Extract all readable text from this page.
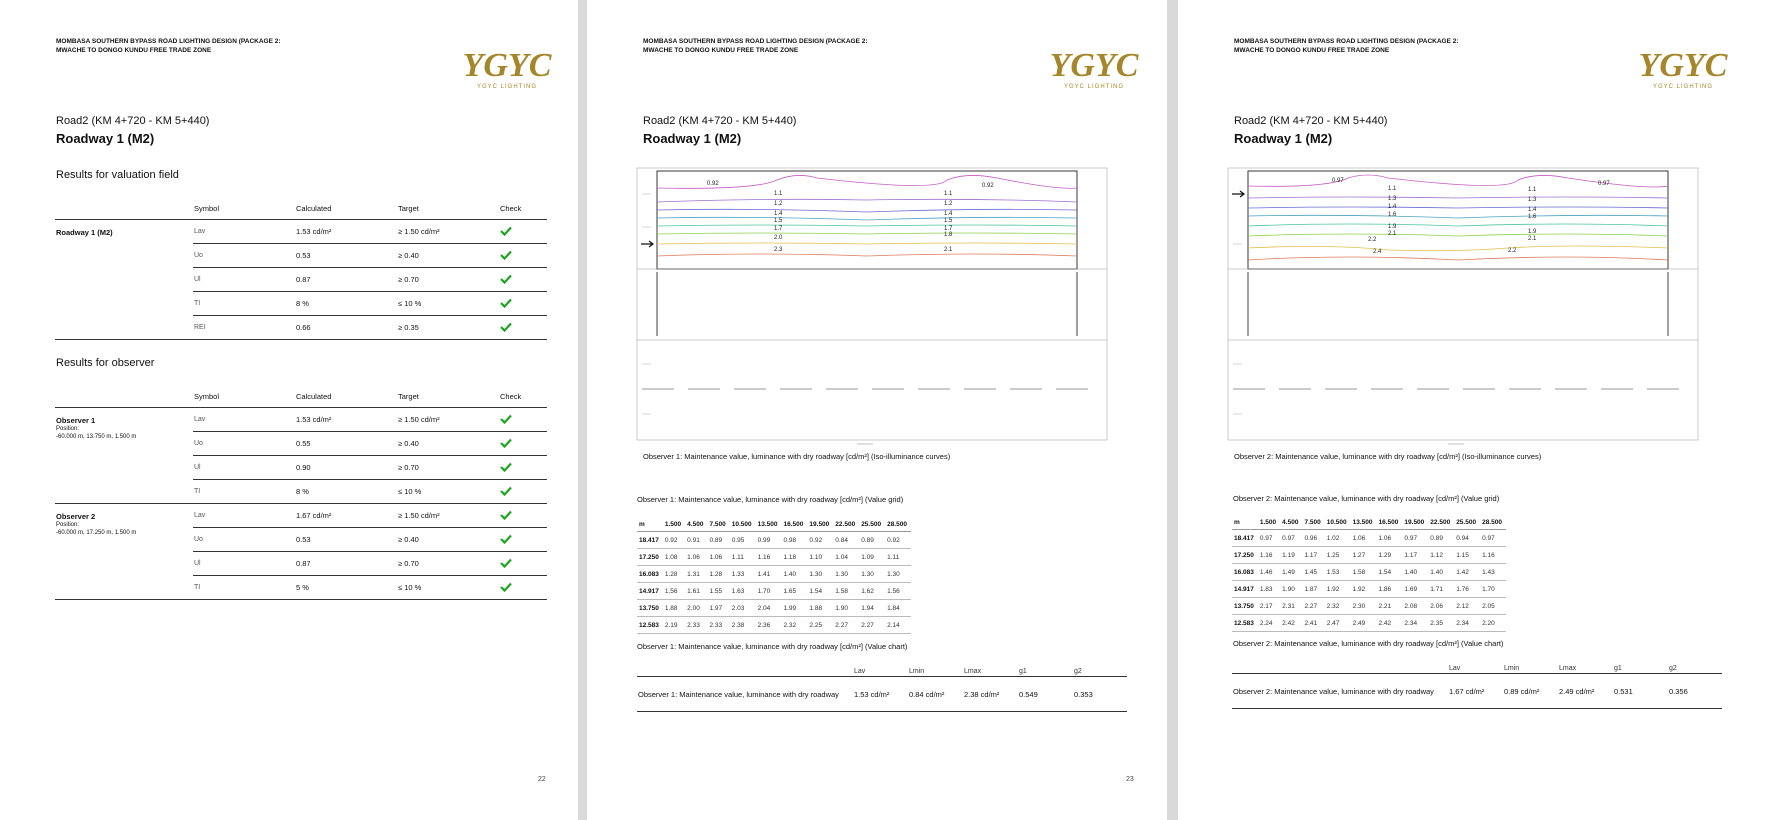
MOMBASA SOUTHERN BYPASS ROAD LIGHTING DESIGN (PACKAGE 2:
MWACHE TO DONGO KUNDU FREE TRADE ZONE	YGYC
YGYC LIGHTING
Road2 (KM 4+720 - KM 5+440)
Roadway 1 (M2)
Results for valuation field
	Symbol	Calculated	Target	Check
Roadway 1 (M2)	Lav	1.53 cd/m²	≥ 1.50 cd/m²	
	Uo	0.53	≥ 0.40	
	Ul	0.87	≥ 0.70	
	TI	8 %	≤ 10 %	
	REI	0.66	≥ 0.35	
Results for observer
	Symbol	Calculated	Target	Check

Observer 1
Position:
-60.000 m, 13.750 m, 1.500 m	Lav	1.53 cd/m²	≥ 1.50 cd/m²	
	Uo	0.55	≥ 0.40	
	Ul	0.90	≥ 0.70	
	TI	8 %	≤ 10 %	

Observer 2
Position:
-60.000 m, 17.250 m, 1.500 m	Lav	1.67 cd/m²	≥ 1.50 cd/m²	
	Uo	0.53	≥ 0.40	
	Ul	0.87	≥ 0.70	
	TI	5 %	≤ 10 %	
22
MOMBASA SOUTHERN BYPASS ROAD LIGHTING DESIGN (PACKAGE 2:
MWACHE TO DONGO KUNDU FREE TRADE ZONE	YGYC
YGYC LIGHTING
Road2 (KM 4+720 - KM 5+440)
Roadway 1 (M2)
0.92
1.1
1.2
1.4
1.5
1.7
2.0
2.3
0.92
1.1
1.2
1.4
1.5
1.7
1.8
2.1
Observer 1: Maintenance value, luminance with dry roadway [cd/m²] (Iso-illuminance curves)
Observer 1: Maintenance value, luminance with dry roadway [cd/m²] (Value grid)
m	1.500	4.500	7.500	10.500	13.500	16.500	19.500	22.500	25.500	28.500
18.417	0.92	0.91	0.89	0.95	0.99	0.98	0.92	0.84	0.89	0.92
17.250	1.08	1.06	1.06	1.11	1.16	1.18	1.10	1.04	1.09	1.11
16.083	1.28	1.31	1.28	1.33	1.41	1.40	1.30	1.30	1.30	1.30
14.917	1.56	1.61	1.55	1.63	1.70	1.65	1.54	1.58	1.62	1.56
13.750	1.88	2.00	1.97	2.03	2.04	1.99	1.88	1.90	1.94	1.84
12.583	2.19	2.33	2.33	2.38	2.36	2.32	2.25	2.27	2.27	2.14
Observer 1: Maintenance value, luminance with dry roadway [cd/m²] (Value chart)
	Lav	Lmin	Lmax	g1	g2
Observer 1: Maintenance value, luminance with dry roadway	1.53 cd/m²	0.84 cd/m²	2.38 cd/m²	0.549	0.353
23
MOMBASA SOUTHERN BYPASS ROAD LIGHTING DESIGN (PACKAGE 2:
MWACHE TO DONGO KUNDU FREE TRADE ZONE	YGYC
YGYC LIGHTING
Road2 (KM 4+720 - KM 5+440)
Roadway 1 (M2)
0.97
1.1
1.3
1.4
1.6
1.9
2.1
2.2
2.4
0.97
1.1
1.3
1.4
1.6
1.9
2.1
2.2
Observer 2: Maintenance value, luminance with dry roadway [cd/m²] (Iso-illuminance curves)
Observer 2: Maintenance value, luminance with dry roadway [cd/m²] (Value grid)
m	1.500	4.500	7.500	10.500	13.500	16.500	19.500	22.500	25.500	28.500
18.417	0.97	0.97	0.96	1.02	1.06	1.06	0.97	0.89	0.94	0.97
17.250	1.16	1.19	1.17	1.25	1.27	1.29	1.17	1.12	1.15	1.16
16.083	1.46	1.49	1.45	1.53	1.58	1.54	1.40	1.40	1.42	1.43
14.917	1.83	1.90	1.87	1.92	1.92	1.86	1.69	1.71	1.76	1.70
13.750	2.17	2.31	2.27	2.32	2.30	2.21	2.08	2.06	2.12	2.05
12.583	2.24	2.42	2.41	2.47	2.49	2.42	2.34	2.35	2.34	2.20
Observer 2: Maintenance value, luminance with dry roadway [cd/m²] (Value chart)
	Lav	Lmin	Lmax	g1	g2
Observer 2: Maintenance value, luminance with dry roadway	1.67 cd/m²	0.89 cd/m²	2.49 cd/m²	0.531	0.356
